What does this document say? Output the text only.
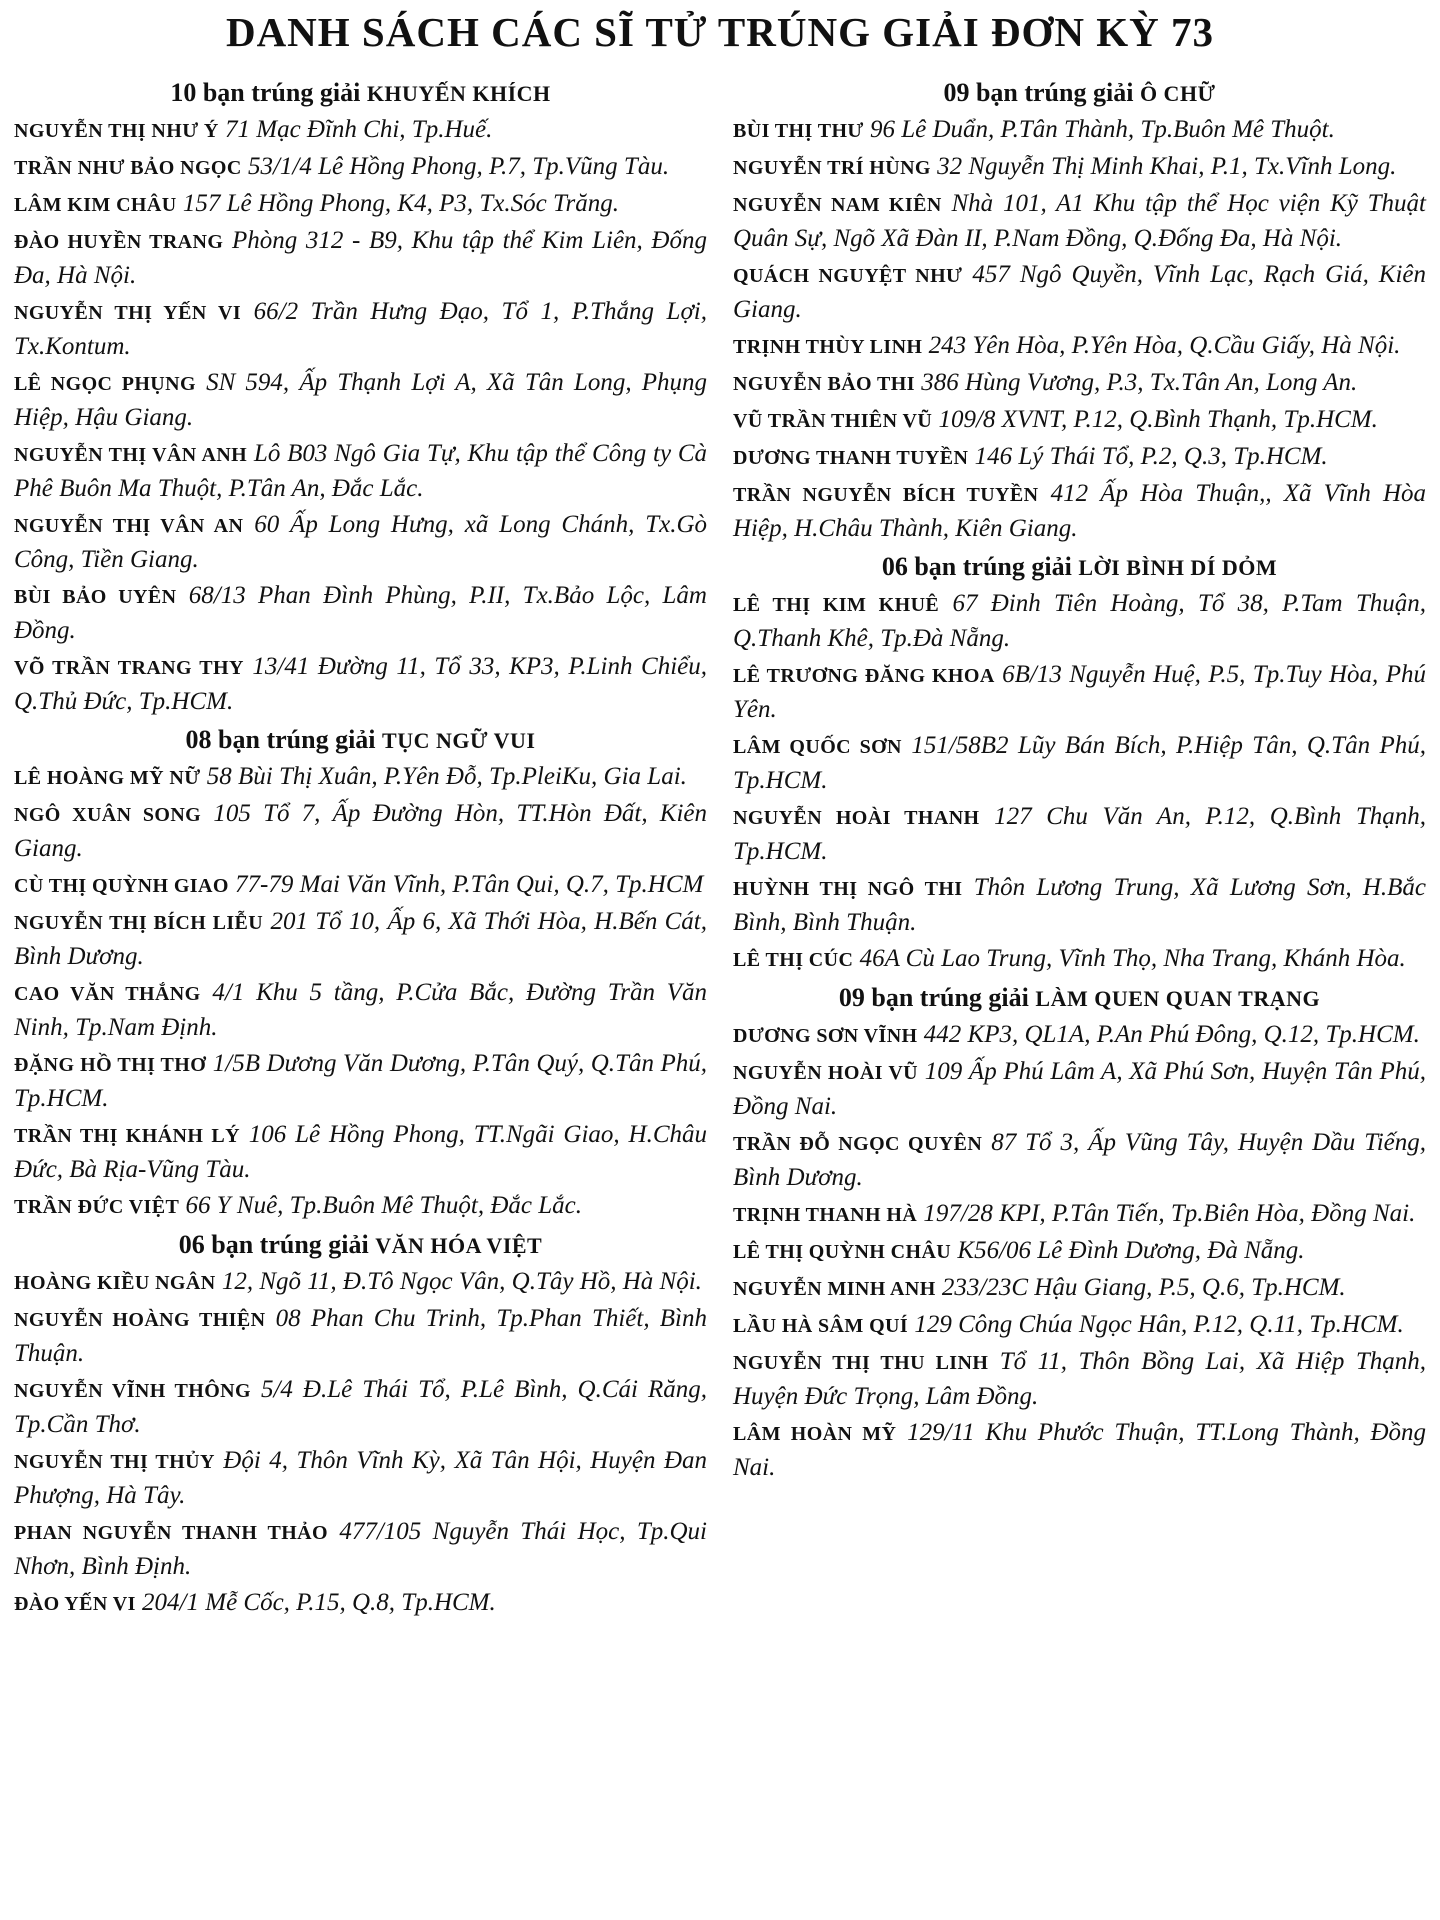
DANH SÁCH CÁC SĨ TỬ TRÚNG GIẢI ĐƠN KỲ 73
10 bạn trúng giải KHUYẾN KHÍCH
NGUYỄN THỊ NHƯ Ý 71 Mạc Đĩnh Chi, Tp.Huế.
TRẦN NHƯ BẢO NGỌC 53/1/4 Lê Hồng Phong, P.7, Tp.Vũng Tàu.
LÂM KIM CHÂU 157 Lê Hồng Phong, K4, P3, Tx.Sóc Trăng.
ĐÀO HUYỀN TRANG Phòng 312 - B9, Khu tập thể Kim Liên, Đống Đa, Hà Nội.
NGUYỄN THỊ YẾN VI 66/2 Trần Hưng Đạo, Tổ 1, P.Thắng Lợi, Tx.Kontum.
LÊ NGỌC PHỤNG SN 594, Ấp Thạnh Lợi A, Xã Tân Long, Phụng Hiệp, Hậu Giang.
NGUYỄN THỊ VÂN ANH Lô B03 Ngô Gia Tự, Khu tập thể Công ty Cà Phê Buôn Ma Thuột, P.Tân An, Đắc Lắc.
NGUYỄN THỊ VÂN AN 60 Ấp Long Hưng, xã Long Chánh, Tx.Gò Công, Tiền Giang.
BÙI BẢO UYÊN 68/13 Phan Đình Phùng, P.II, Tx.Bảo Lộc, Lâm Đồng.
VÕ TRẦN TRANG THY 13/41 Đường 11, Tổ 33, KP3, P.Linh Chiểu, Q.Thủ Đức, Tp.HCM.
08 bạn trúng giải TỤC NGỮ VUI
LÊ HOÀNG MỸ NỮ 58 Bùi Thị Xuân, P.Yên Đỗ, Tp.PleiKu, Gia Lai.
NGÔ XUÂN SONG 105 Tổ 7, Ấp Đường Hòn, TT.Hòn Đất, Kiên Giang.
CÙ THỊ QUỲNH GIAO 77-79 Mai Văn Vĩnh, P.Tân Qui, Q.7, Tp.HCM
NGUYỄN THỊ BÍCH LIỄU 201 Tổ 10, Ấp 6, Xã Thới Hòa, H.Bến Cát, Bình Dương.
CAO VĂN THẮNG 4/1 Khu 5 tầng, P.Cửa Bắc, Đường Trần Văn Ninh, Tp.Nam Định.
ĐẶNG HỒ THỊ THƠ 1/5B Dương Văn Dương, P.Tân Quý, Q.Tân Phú, Tp.HCM.
TRẦN THỊ KHÁNH LÝ 106 Lê Hồng Phong, TT.Ngãi Giao, H.Châu Đức, Bà Rịa-Vũng Tàu.
TRẦN ĐỨC VIỆT 66 Y Nuê, Tp.Buôn Mê Thuột, Đắc Lắc.
06 bạn trúng giải VĂN HÓA VIỆT
HOÀNG KIỀU NGÂN 12, Ngõ 11, Đ.Tô Ngọc Vân, Q.Tây Hồ, Hà Nội.
NGUYỄN HOÀNG THIỆN 08 Phan Chu Trinh, Tp.Phan Thiết, Bình Thuận.
NGUYỄN VĨNH THÔNG 5/4 Đ.Lê Thái Tổ, P.Lê Bình, Q.Cái Răng, Tp.Cần Thơ.
NGUYỄN THỊ THỦY Đội 4, Thôn Vĩnh Kỳ, Xã Tân Hội, Huyện Đan Phượng, Hà Tây.
PHAN NGUYỄN THANH THẢO 477/105 Nguyễn Thái Học, Tp.Qui Nhơn, Bình Định.
ĐÀO YẾN VI 204/1 Mễ Cốc, P.15, Q.8, Tp.HCM.
09 bạn trúng giải Ô CHỮ
BÙI THỊ THƯ 96 Lê Duẩn, P.Tân Thành, Tp.Buôn Mê Thuột.
NGUYỄN TRÍ HÙNG 32 Nguyễn Thị Minh Khai, P.1, Tx.Vĩnh Long.
NGUYỄN NAM KIÊN Nhà 101, A1 Khu tập thể Học viện Kỹ Thuật Quân Sự, Ngõ Xã Đàn II, P.Nam Đồng, Q.Đống Đa, Hà Nội.
QUÁCH NGUYỆT NHƯ 457 Ngô Quyền, Vĩnh Lạc, Rạch Giá, Kiên Giang.
TRỊNH THÙY LINH 243 Yên Hòa, P.Yên Hòa, Q.Cầu Giấy, Hà Nội.
NGUYỄN BẢO THI 386 Hùng Vương, P.3, Tx.Tân An, Long An.
VŨ TRẦN THIÊN VŨ 109/8 XVNT, P.12, Q.Bình Thạnh, Tp.HCM.
DƯƠNG THANH TUYỀN 146 Lý Thái Tổ, P.2, Q.3, Tp.HCM.
TRẦN NGUYỄN BÍCH TUYỀN 412 Ấp Hòa Thuận,, Xã Vĩnh Hòa Hiệp, H.Châu Thành, Kiên Giang.
06 bạn trúng giải LỜI BÌNH DÍ DỎM
LÊ THỊ KIM KHUÊ 67 Đinh Tiên Hoàng, Tổ 38, P.Tam Thuận, Q.Thanh Khê, Tp.Đà Nẵng.
LÊ TRƯƠNG ĐĂNG KHOA 6B/13 Nguyễn Huệ, P.5, Tp.Tuy Hòa, Phú Yên.
LÂM QUỐC SƠN 151/58B2 Lũy Bán Bích, P.Hiệp Tân, Q.Tân Phú, Tp.HCM.
NGUYỄN HOÀI THANH 127 Chu Văn An, P.12, Q.Bình Thạnh, Tp.HCM.
HUỲNH THỊ NGÔ THI Thôn Lương Trung, Xã Lương Sơn, H.Bắc Bình, Bình Thuận.
LÊ THỊ CÚC 46A Cù Lao Trung, Vĩnh Thọ, Nha Trang, Khánh Hòa.
09 bạn trúng giải LÀM QUEN QUAN TRẠNG
DƯƠNG SƠN VĨNH 442 KP3, QL1A, P.An Phú Đông, Q.12, Tp.HCM.
NGUYỄN HOÀI VŨ 109 Ấp Phú Lâm A, Xã Phú Sơn, Huyện Tân Phú, Đồng Nai.
TRẦN ĐỖ NGỌC QUYÊN 87 Tổ 3, Ấp Vũng Tây, Huyện Dầu Tiếng, Bình Dương.
TRỊNH THANH HÀ 197/28 KPI, P.Tân Tiến, Tp.Biên Hòa, Đồng Nai.
LÊ THỊ QUỲNH CHÂU K56/06 Lê Đình Dương, Đà Nẵng.
NGUYỄN MINH ANH 233/23C Hậu Giang, P.5, Q.6, Tp.HCM.
LẦU HÀ SÂM QUÍ 129 Công Chúa Ngọc Hân, P.12, Q.11, Tp.HCM.
NGUYỄN THỊ THU LINH Tổ 11, Thôn Bồng Lai, Xã Hiệp Thạnh, Huyện Đức Trọng, Lâm Đồng.
LÂM HOÀN MỸ 129/11 Khu Phước Thuận, TT.Long Thành, Đồng Nai.
